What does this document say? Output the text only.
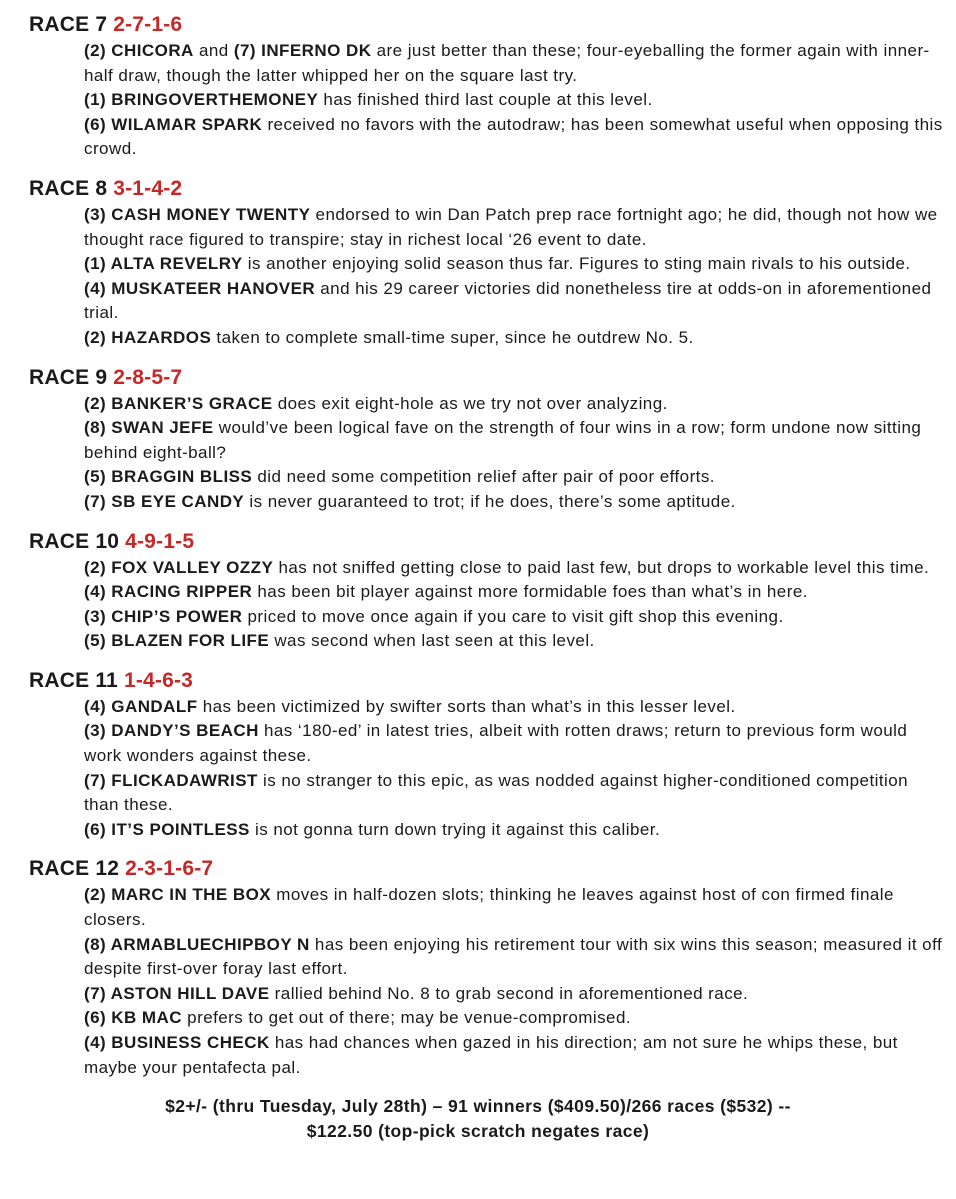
RACE 7 2-7-1-6

(2) CHICORA and (7) INFERNO DK are just better than these; four-eyeballing the former again with inner-half draw, though the latter whipped her on the square last try.

(1) BRINGOVERTHEMONEY has finished third last couple at this level.

(6) WILAMAR SPARK received no favors with the autodraw; has been somewhat useful when opposing this crowd.

RACE 8 3-1-4-2

(3) CASH MONEY TWENTY endorsed to win Dan Patch prep race fortnight ago; he did, though not how we thought race figured to transpire; stay in richest local ‘26 event to date.

(1) ALTA REVELRY is another enjoying solid season thus far. Figures to sting main rivals to his outside.

(4) MUSKATEER HANOVER and his 29 career victories did nonetheless tire at odds-on in aforementioned trial.

(2) HAZARDOS taken to complete small-time super, since he outdrew No. 5.

RACE 9 2-8-5-7

(2) BANKER’S GRACE does exit eight-hole as we try not over analyzing.

(8) SWAN JEFE would’ve been logical fave on the strength of four wins in a row; form undone now sitting behind eight-ball?

(5) BRAGGIN BLISS did need some competition relief after pair of poor efforts.

(7) SB EYE CANDY is never guaranteed to trot; if he does, there’s some aptitude.

RACE 10 4-9-1-5

(2) FOX VALLEY OZZY has not sniffed getting close to paid last few, but drops to workable level this time.

(4) RACING RIPPER has been bit player against more formidable foes than what’s in here.

(3) CHIP’S POWER priced to move once again if you care to visit gift shop this evening.

(5) BLAZEN FOR LIFE was second when last seen at this level.

RACE 11 1-4-6-3

(4) GANDALF has been victimized by swifter sorts than what’s in this lesser level.

(3) DANDY’S BEACH has ‘180-ed’ in latest tries, albeit with rotten draws; return to previous form would work wonders against these.

(7) FLICKADAWRIST is no stranger to this epic, as was nodded against higher-conditioned competition than these.

(6) IT’S POINTLESS is not gonna turn down trying it against this caliber.

RACE 12 2-3-1-6-7

(2) MARC IN THE BOX moves in half-dozen slots; thinking he leaves against host of con firmed finale closers.

(8) ARMABLUECHIPBOY N has been enjoying his retirement tour with six wins this season; measured it off despite first-over foray last effort.

(7) ASTON HILL DAVE rallied behind No. 8 to grab second in aforementioned race.

(6) KB MAC prefers to get out of there; may be venue-compromised.

(4) BUSINESS CHECK has had chances when gazed in his direction; am not sure he whips these, but maybe your pentafecta pal.

$2+/- (thru Tuesday, July 28th) – 91 winners ($409.50)/266 races ($532) --
$122.50 (top-pick scratch negates race)
